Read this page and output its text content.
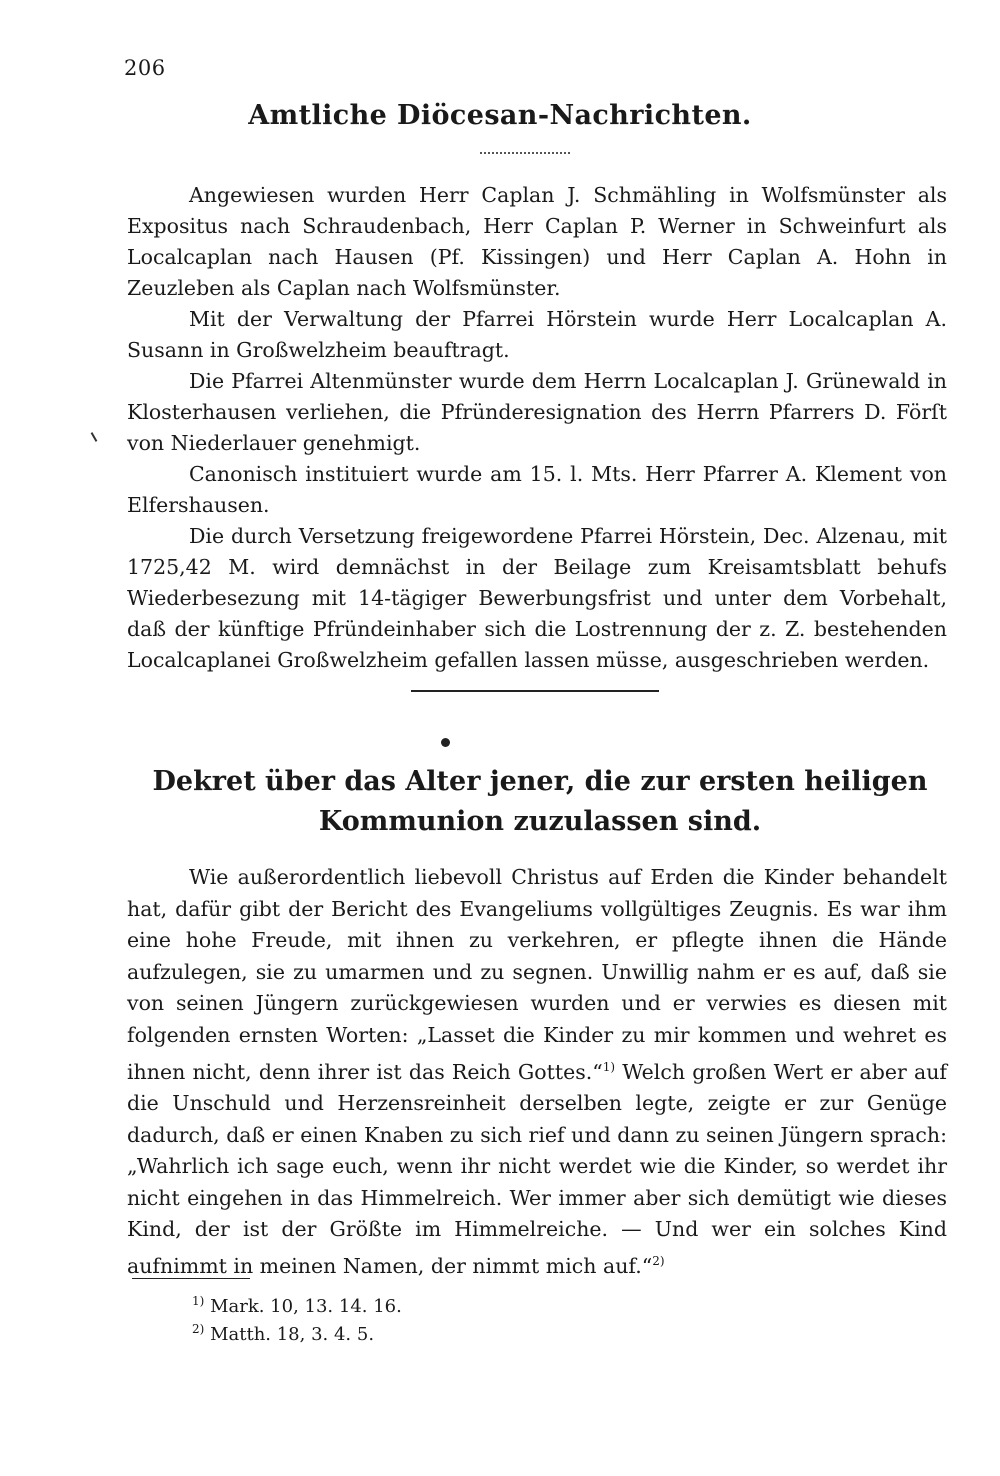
206
Amtliche Diöcesan-Nachrichten.

Angewiesen wurden Herr Caplan J. Schmähling in Wolfsmünster als Expositus nach Schraudenbach, Herr Caplan P. Werner in Schweinfurt als Localcaplan nach Hausen (Pf. Kissingen) und Herr Caplan A. Hohn in Zeuzleben als Caplan nach Wolfsmünster.

Mit der Verwaltung der Pfarrei Hörstein wurde Herr Localcaplan A. Susann in Großwelzheim beauftragt.

Die Pfarrei Altenmünster wurde dem Herrn Localcaplan J. Grünewald in Klosterhausen verliehen, die Pfründeresignation des Herrn Pfarrers D. Förſt von Niederlauer genehmigt.

Canonisch instituiert wurde am 15. l. Mts. Herr Pfarrer A. Klement von Elfershausen.

Die durch Versetzung freigewordene Pfarrei Hörstein, Dec. Alzenau, mit 1725,42 M. wird demnächst in der Beilage zum Kreisamtsblatt behufs Wiederbesezung mit 14-tägiger Bewerbungsfrist und unter dem Vorbehalt, daß der künftige Pfründeinhaber sich die Lostrennung der z. Z. bestehenden Localcaplanei Großwelzheim gefallen lassen müsse, ausgeschrieben werden.

Dekret über das Alter jener, die zur ersten heiligen Kommunion zuzulassen sind.

Wie außerordentlich liebevoll Christus auf Erden die Kinder behandelt hat, dafür gibt der Bericht des Evangeliums vollgültiges Zeugnis. Es war ihm eine hohe Freude, mit ihnen zu verkehren, er pflegte ihnen die Hände aufzulegen, sie zu umarmen und zu segnen. Unwillig nahm er es auf, daß sie von seinen Jüngern zurückgewiesen wurden und er verwies es diesen mit folgenden ernsten Worten: „Lasset die Kinder zu mir kommen und wehret es ihnen nicht, denn ihrer ist das Reich Gottes.“$^{1)}$ Welch großen Wert er aber auf die Unschuld und Herzensreinheit derselben legte, zeigte er zur Genüge dadurch, daß er einen Knaben zu sich rief und dann zu seinen Jüngern sprach: „Wahrlich ich sage euch, wenn ihr nicht werdet wie die Kinder, so werdet ihr nicht eingehen in das Himmelreich. Wer immer aber sich demütigt wie dieses Kind, der ist der Größte im Himmelreiche. — Und wer ein solches Kind aufnimmt in meinen Namen, der nimmt mich auf.“$^{2)}$

$^{1)}$ Mark. 10, 13. 14. 16.
$^{2)}$ Matth. 18, 3. 4. 5.
